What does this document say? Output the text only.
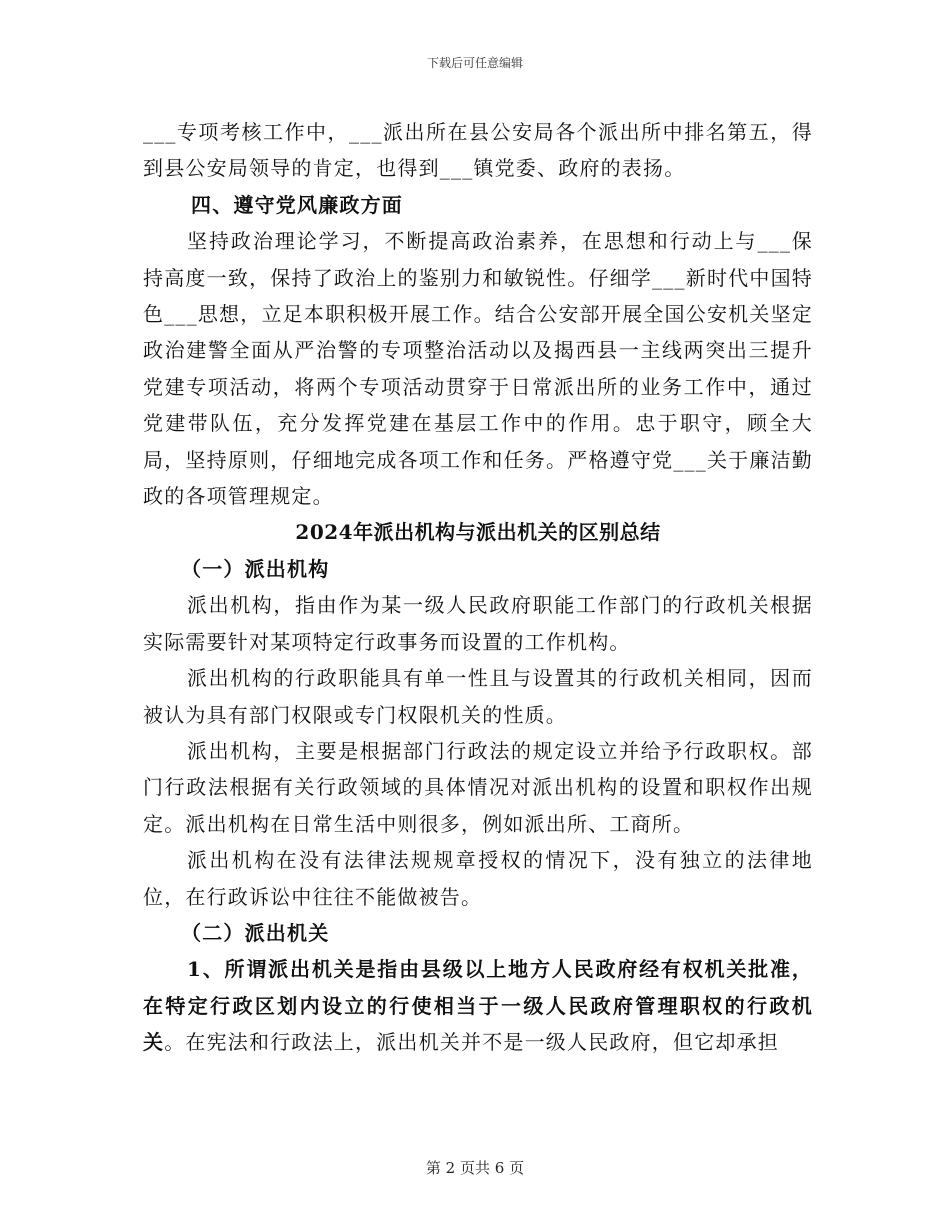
下载后可任意编辑

___专项考核工作中，___派出所在县公安局各个派出所中排名第五，得到县公安局领导的肯定，也得到___镇党委、政府的表扬。

四、遵守党风廉政方面

坚持政治理论学习，不断提高政治素养，在思想和行动上与___保持高度一致，保持了政治上的鉴别力和敏锐性。仔细学___新时代中国特色___思想，立足本职积极开展工作。结合公安部开展全国公安机关坚定政治建警全面从严治警的专项整治活动以及揭西县一主线两突出三提升党建专项活动，将两个专项活动贯穿于日常派出所的业务工作中，通过党建带队伍，充分发挥党建在基层工作中的作用。忠于职守，顾全大局，坚持原则，仔细地完成各项工作和任务。严格遵守党___关于廉洁勤政的各项管理规定。

2024年派出机构与派出机关的区别总结

（一）派出机构

派出机构，指由作为某一级人民政府职能工作部门的行政机关根据实际需要针对某项特定行政事务而设置的工作机构。

派出机构的行政职能具有单一性且与设置其的行政机关相同，因而被认为具有部门权限或专门权限机关的性质。

派出机构，主要是根据部门行政法的规定设立并给予行政职权。部门行政法根据有关行政领域的具体情况对派出机构的设置和职权作出规定。派出机构在日常生活中则很多，例如派出所、工商所。

派出机构在没有法律法规规章授权的情况下，没有独立的法律地位，在行政诉讼中往往不能做被告。

（二）派出机关

1、所谓派出机关是指由县级以上地方人民政府经有权机关批准，在特定行政区划内设立的行使相当于一级人民政府管理职权的行政机关。在宪法和行政法上，派出机关并不是一级人民政府，但它却承担

第 2 页共 6 页
